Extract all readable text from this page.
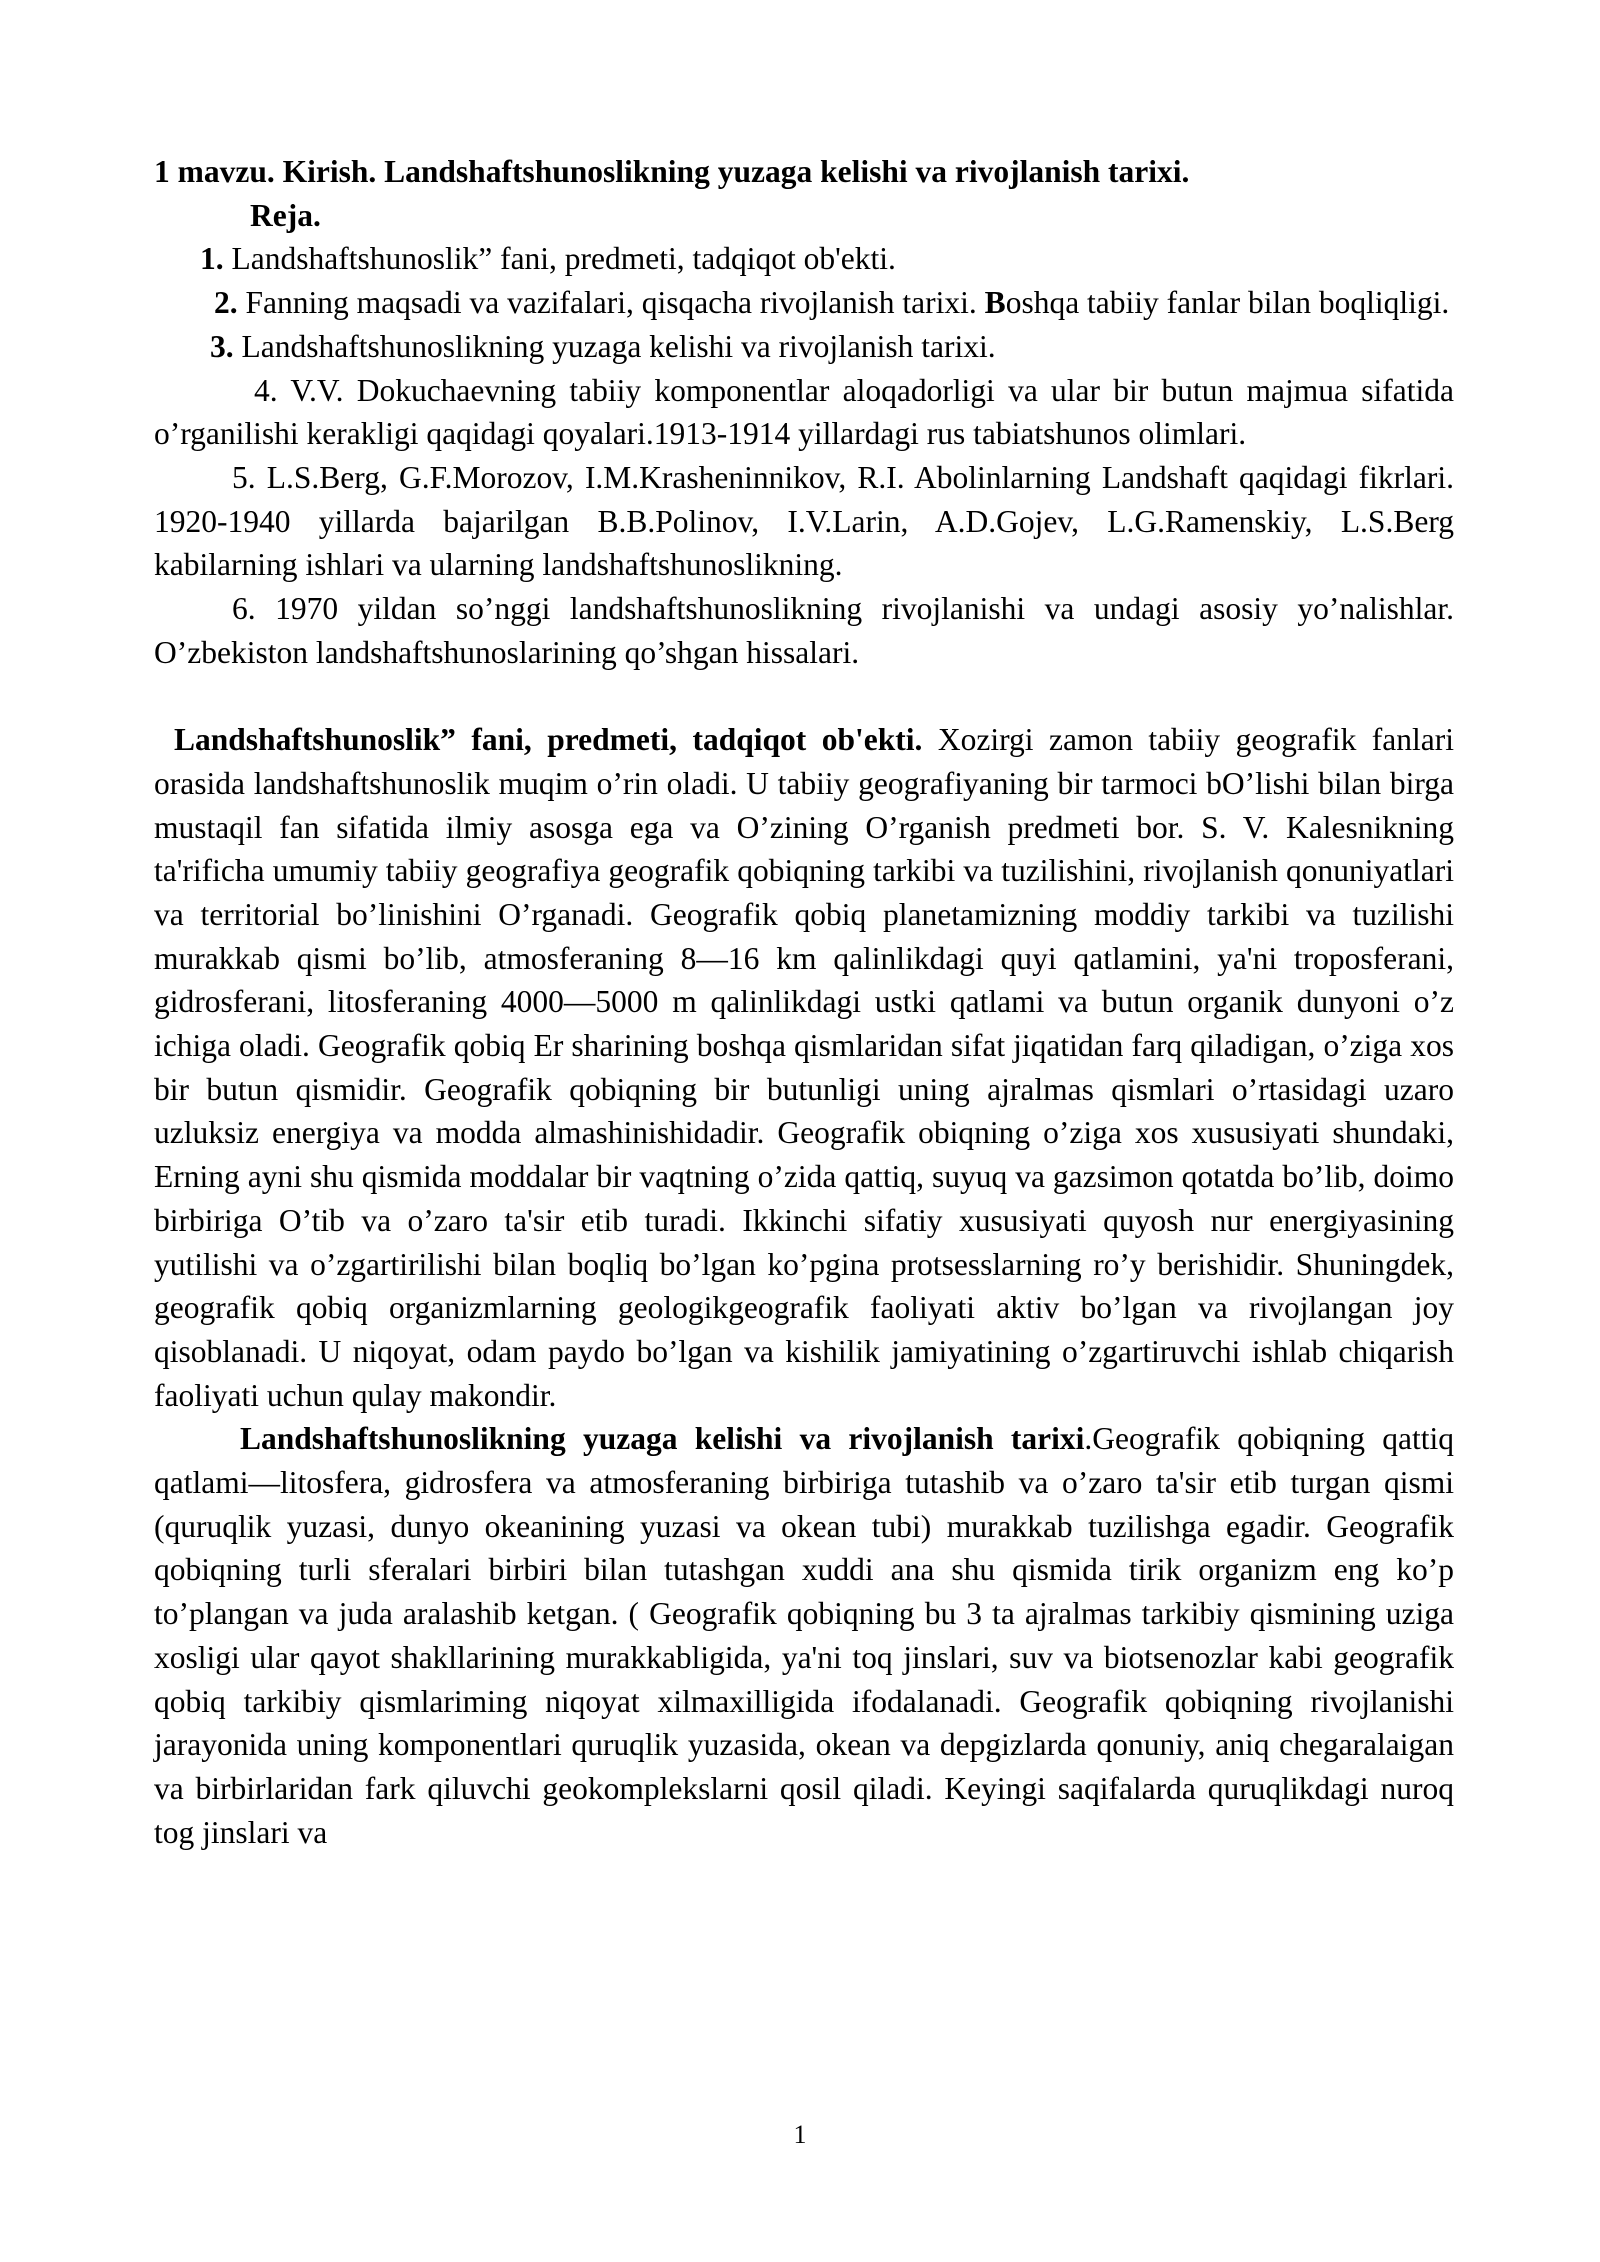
1 mavzu. Kirish. Landshaftshunoslikning yuzaga kelishi va rivojlanish tarixi.

Reja.

1. Landshaftshunoslik” fani, predmeti, tadqiqot ob'ekti.

2. Fanning maqsadi va vazifalari, qisqacha rivojlanish tarixi. Boshqa tabiiy fanlar bilan boqliqligi.

3. Landshaftshunoslikning yuzaga kelishi va rivojlanish tarixi.

4. V.V. Dokuchaevning tabiiy komponentlar aloqadorligi va ular bir butun majmua sifatida o’rganilishi kerakligi qaqidagi qoyalari.1913-1914 yillardagi rus tabiatshunos olimlari.

5. L.S.Berg, G.F.Morozov, I.M.Krasheninnikov, R.I. Abolinlarning Landshaft qaqidagi fikrlari. 1920-1940 yillarda bajarilgan B.B.Polinov, I.V.Larin, A.D.Gojev, L.G.Ramenskiy, L.S.Berg kabilarning ishlari va ularning landshaftshunoslikning.

6. 1970 yildan so’nggi landshaftshunoslikning rivojlanishi va undagi asosiy yo’nalishlar. O’zbekiston landshaftshunoslarining qo’shgan hissalari.

Landshaftshunoslik” fani, predmeti, tadqiqot ob'ekti. Xozirgi zamon tabiiy geografik fanlari orasida landshaftshunoslik muqim o’rin oladi. U tabiiy geografiyaning bir tarmoci bO’lishi bilan birga mustaqil fan sifatida ilmiy asosga ega va O’zining O’rganish predmeti bor. S. V. Kalesnikning ta'rificha umumiy tabiiy geografiya geografik qobiqning tarkibi va tuzilishini, rivojlanish qonuniyatlari va territorial bo’linishini O’rganadi. Geografik qobiq planetamizning moddiy tarkibi va tuzilishi murakkab qismi bo’lib, atmosferaning 8—16 km qalinlikdagi quyi qatlamini, ya'ni troposferani, gidrosferani, litosferaning 4000—5000 m qalinlikdagi ustki qatlami va butun organik dunyoni o’z ichiga oladi. Geografik qobiq Er sharining boshqa qismlaridan sifat jiqatidan farq qiladigan, o’ziga xos bir butun qismidir. Geografik qobiqning bir butunligi uning ajralmas qismlari o’rtasidagi uzaro uzluksiz energiya va modda almashinishidadir. Geografik obiqning o’ziga xos xususiyati shundaki, Erning ayni shu qismida moddalar bir vaqtning o’zida qattiq, suyuq va gazsimon qotatda bo’lib, doimo birbiriga O’tib va o’zaro ta'sir etib turadi. Ikkinchi sifatiy xususiyati quyosh nur energiyasining yutilishi va o’zgartirilishi bilan boqliq bo’lgan ko’pgina protsesslarning ro’y berishidir. Shuningdek, geografik qobiq organizmlarning geologikgeografik faoliyati aktiv bo’lgan va rivojlangan joy qisoblanadi. U niqoyat, odam paydo bo’lgan va kishilik jamiyatining o’zgartiruvchi ishlab chiqarish faoliyati uchun qulay makondir.

Landshaftshunoslikning yuzaga kelishi va rivojlanish tarixi.Geografik qobiqning qattiq qatlami—litosfera, gidrosfera va atmosferaning birbiriga tutashib va o’zaro ta'sir etib turgan qismi (quruqlik yuzasi, dunyo okeanining yuzasi va okean tubi) murakkab tuzilishga egadir. Geografik qobiqning turli sferalari birbiri bilan tutashgan xuddi ana shu qismida tirik organizm eng ko’p to’plangan va juda aralashib ketgan. ( Geografik qobiqning bu 3 ta ajralmas tarkibiy qismining uziga xosligi ular qayot shakllarining murakkabligida, ya'ni toq jinslari, suv va biotsenozlar kabi geografik qobiq tarkibiy qismlariming niqoyat xilmaxilligida ifodalanadi. Geografik qobiqning rivojlanishi jarayonida uning komponentlari quruqlik yuzasida, okean va depgizlarda qonuniy, aniq chegaralaigan va birbirlaridan fark qiluvchi geokomplekslarni qosil qiladi. Keyingi saqifalarda quruqlikdagi nuroq tog jinslari va

1
